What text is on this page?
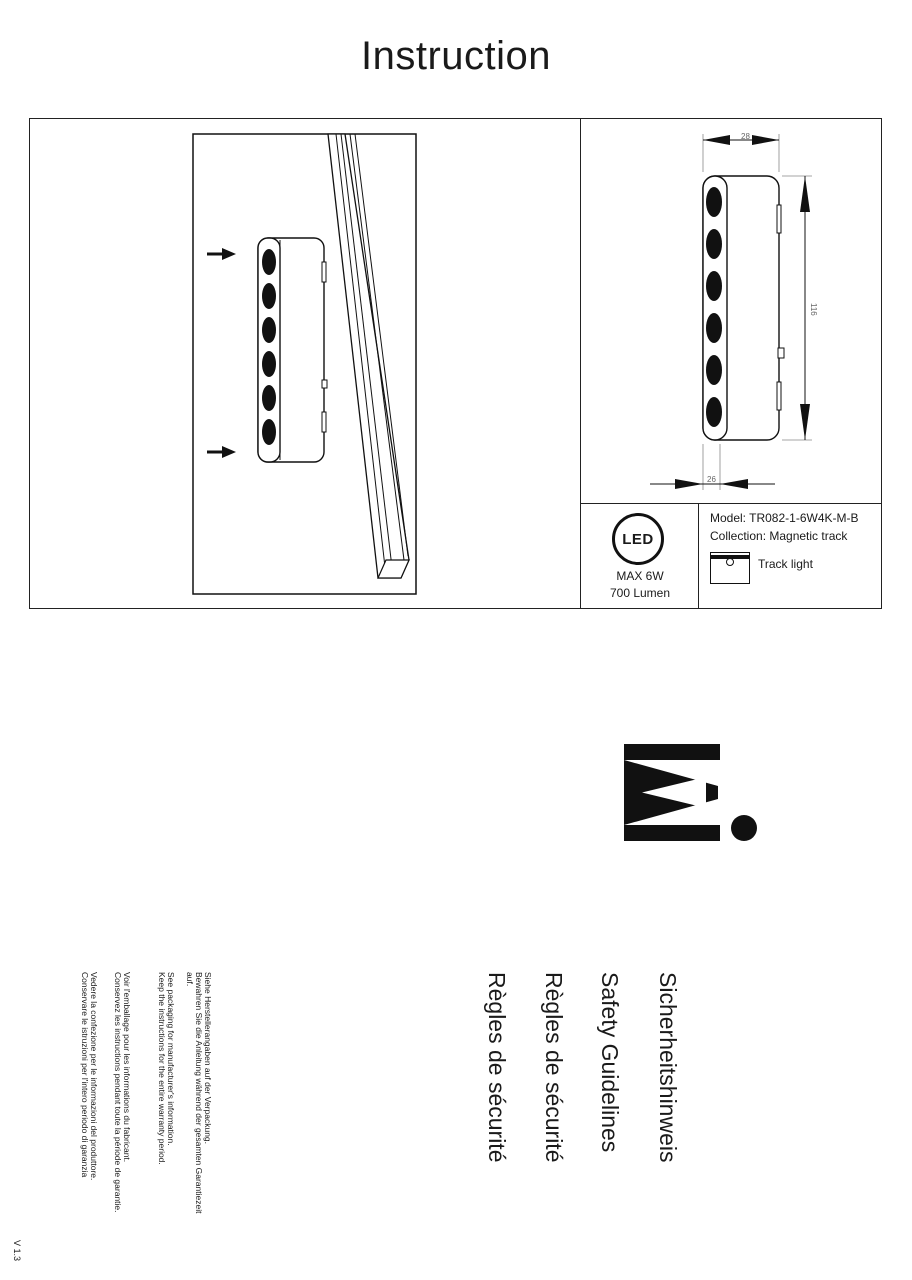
Instruction
28
116
26
LED
MAX 6W
700 Lumen
Model: TR082-1-6W4K-M-B
Collection: Magnetic track
Track light
Sicherheitshinweis
Safety Guidelines
Règles de sécurité
Règles de sécurité
Siehe Herstellerangaben auf der Verpackung.
Bewahren Sie die Anleitung während der gesamten Garantiezeit
auf.
See packaging for manufacturer's information.
Keep the instructions for the entire warranty period.
Voir l'emballage pour les informations du fabricant.
Conservez les instructions pendant toute la période de garantie.
Vedere la confezione per le informazioni del produttore.
Conservare le istruzioni per l'intero periodo di garanzia
V 1.3
